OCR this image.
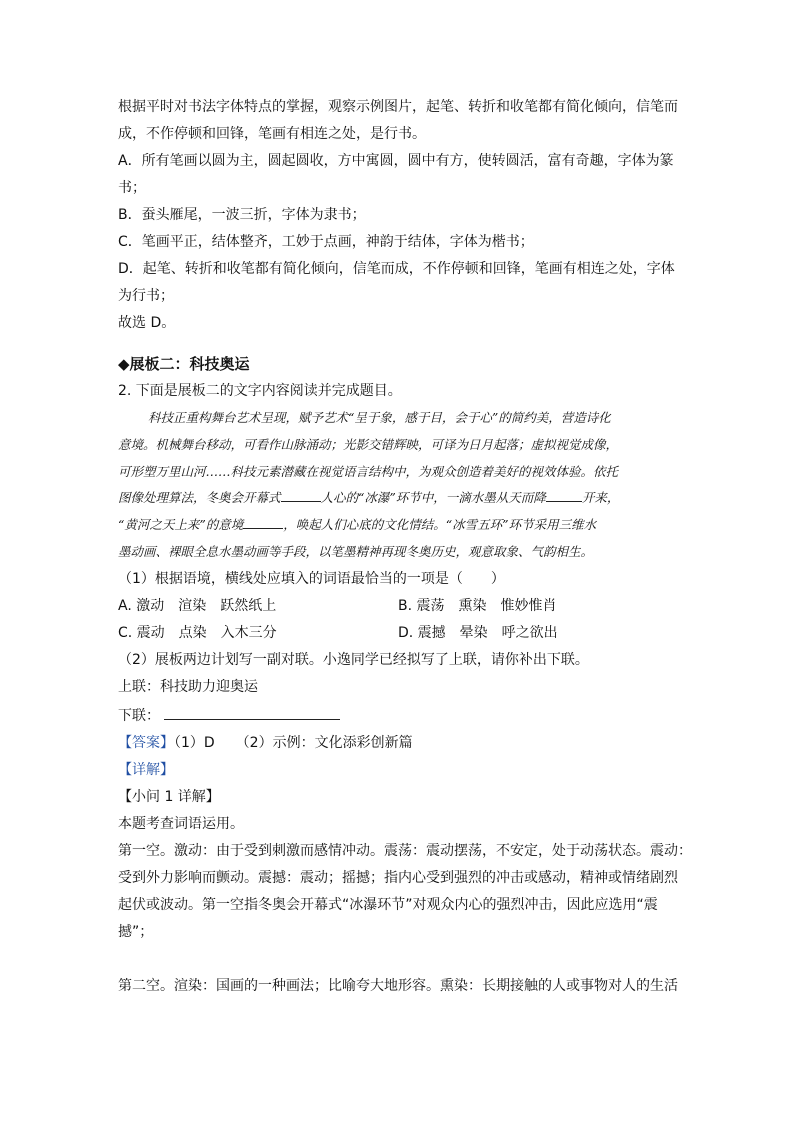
根据平时对书法字体特点的掌握，观察示例图片，起笔、转折和收笔都有简化倾向，信笔而
成，不作停顿和回锋，笔画有相连之处，是行书。
A．所有笔画以圆为主，圆起圆收，方中寓圆，圆中有方，使转圆活，富有奇趣，字体为篆
书；
B．蚕头雁尾，一波三折，字体为隶书；
C．笔画平正，结体整齐，工妙于点画，神韵于结体，字体为楷书；
D．起笔、转折和收笔都有简化倾向，信笔而成，不作停顿和回锋，笔画有相连之处，字体
为行书；
故选 D。
◆展板二：科技奥运
2. 下面是展板二的文字内容阅读并完成题目。
科技正重构舞台艺术呈现，赋予艺术“呈于象，感于目，会于心”的简约美，营造诗化
意境。机械舞台移动，可看作山脉涌动；光影交错辉映，可译为日月起落；虚拟视觉成像，
可形塑万里山河……科技元素潜藏在视觉语言结构中，为观众创造着美好的视效体验。依托
图像处理算法，冬奥会开幕式	人心的“冰瀑”环节中，一滴水墨从天而降	开来，
“黄河之天上来”的意境	，唤起人们心底的文化情结。“冰雪五环”环节采用三维水
墨动画、裸眼全息水墨动画等手段，以笔墨精神再现冬奥历史，观意取象、气韵相生。
（1）根据语境，横线处应填入的词语最恰当的一项是（　　）
A. 激动　渲染　跃然纸上	B. 震荡　熏染　惟妙惟肖
C. 震动　点染　入木三分	D. 震撼　晕染　呼之欲出
（2）展板两边计划写一副对联。小逸同学已经拟写了上联，请你补出下联。
上联：科技助力迎奥运
下联：
【答案】（1）D　　（2）示例：文化添彩创新篇
【详解】
【小问 1 详解】
本题考查词语运用。
第一空。激动：由于受到刺激而感情冲动。震荡：震动摆荡，不安定，处于动荡状态。震动：
受到外力影响而颤动。震撼：震动；摇撼；指内心受到强烈的冲击或感动，精神或情绪剧烈
起伏或波动。第一空指冬奥会开幕式“冰瀑环节”对观众内心的强烈冲击，因此应选用“震
撼”；
第二空。渲染：国画的一种画法；比喻夸大地形容。熏染：长期接触的人或事物对人的生活
